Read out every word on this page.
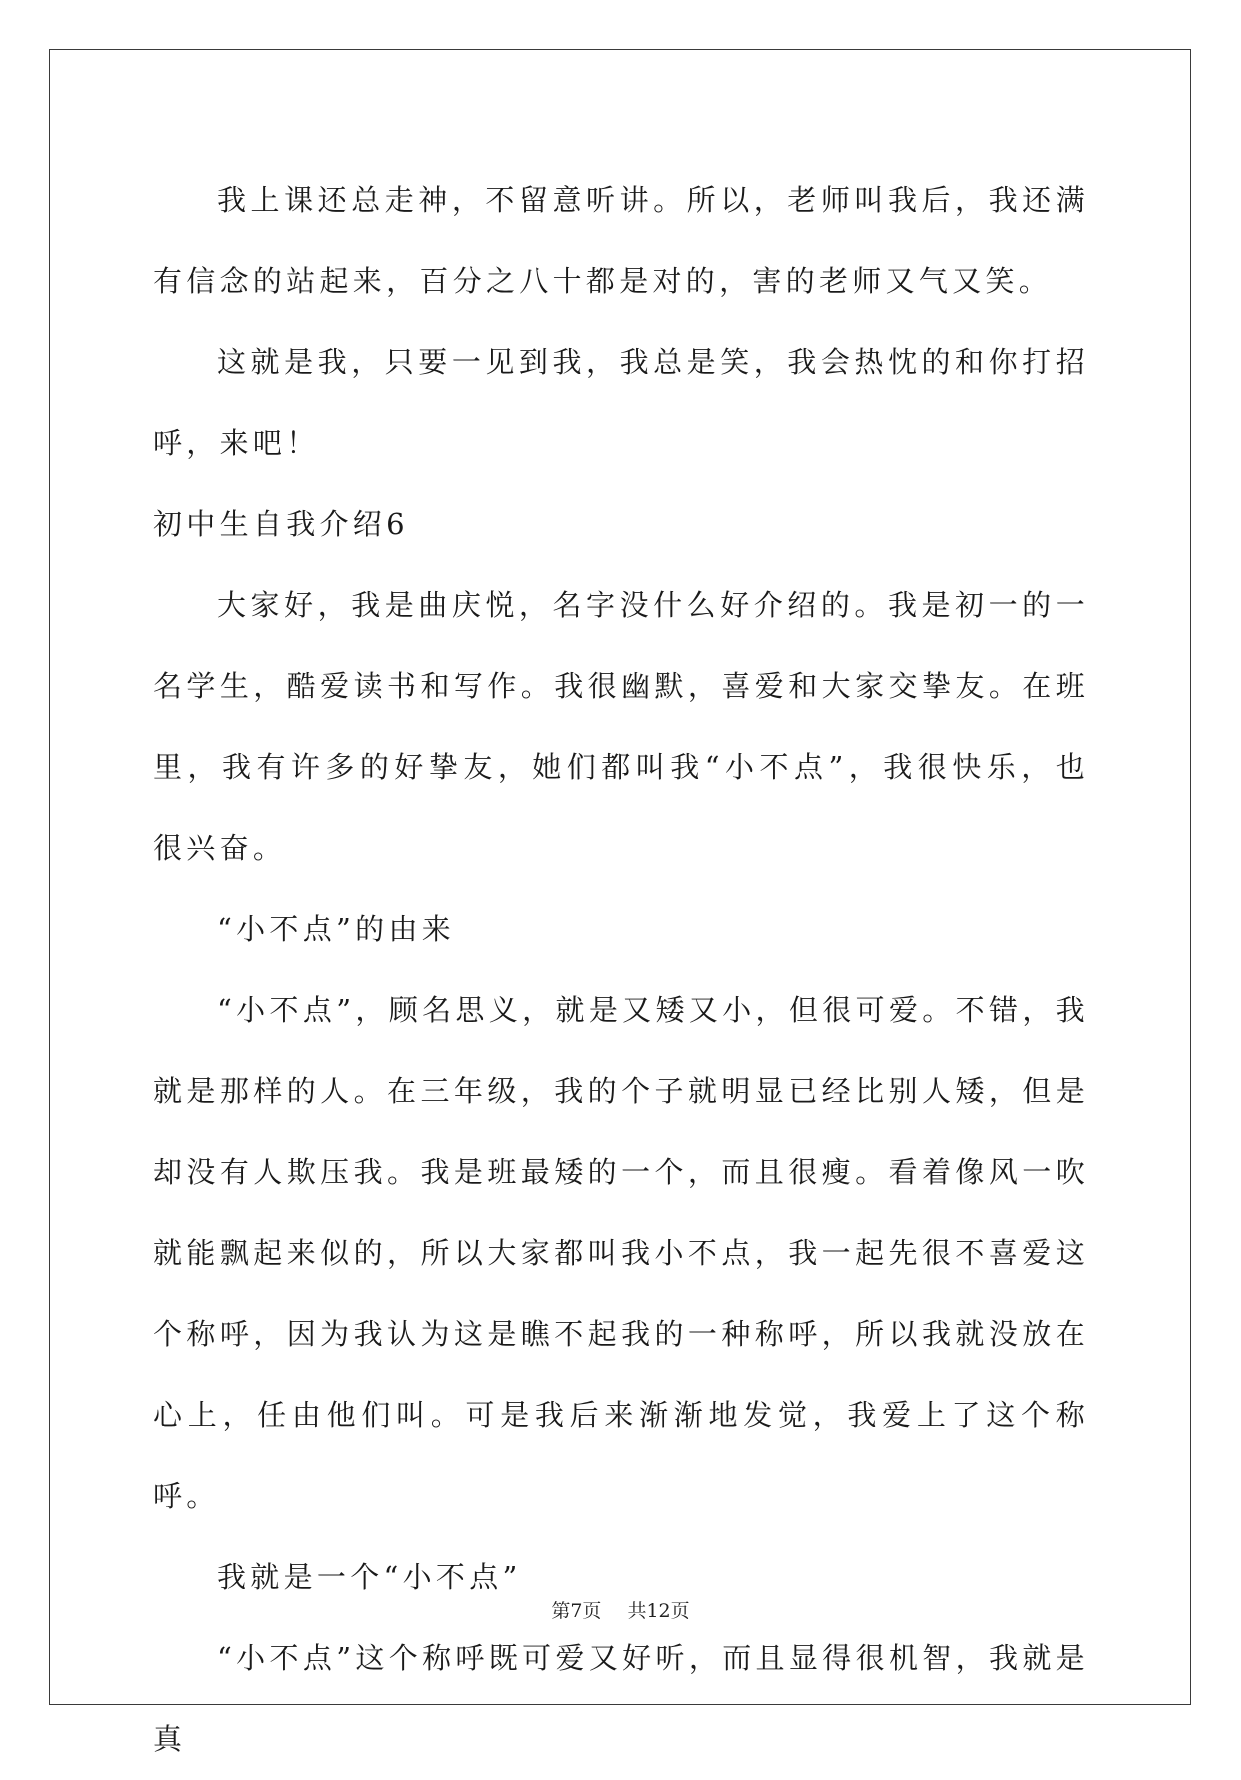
我上课还总走神，不留意听讲。所以，老师叫我后，我还满有信念的站起来，百分之八十都是对的，害的老师又气又笑。

这就是我，只要一见到我，我总是笑，我会热忱的和你打招呼，来吧！

初中生自我介绍6

大家好，我是曲庆悦，名字没什么好介绍的。我是初一的一名学生，酷爱读书和写作。我很幽默，喜爱和大家交挚友。在班里，我有许多的好挚友，她们都叫我“小不点”，我很快乐，也很兴奋。

“小不点”的由来

“小不点”，顾名思义，就是又矮又小，但很可爱。不错，我就是那样的人。在三年级，我的个子就明显已经比别人矮，但是却没有人欺压我。我是班最矮的一个，而且很瘦。看着像风一吹就能飘起来似的，所以大家都叫我小不点，我一起先很不喜爱这个称呼，因为我认为这是瞧不起我的一种称呼，所以我就没放在心上，任由他们叫。可是我后来渐渐地发觉，我爱上了这个称呼。

我就是一个“小不点”

“小不点”这个称呼既可爱又好听，而且显得很机智，我就是真

第7页 共12页
